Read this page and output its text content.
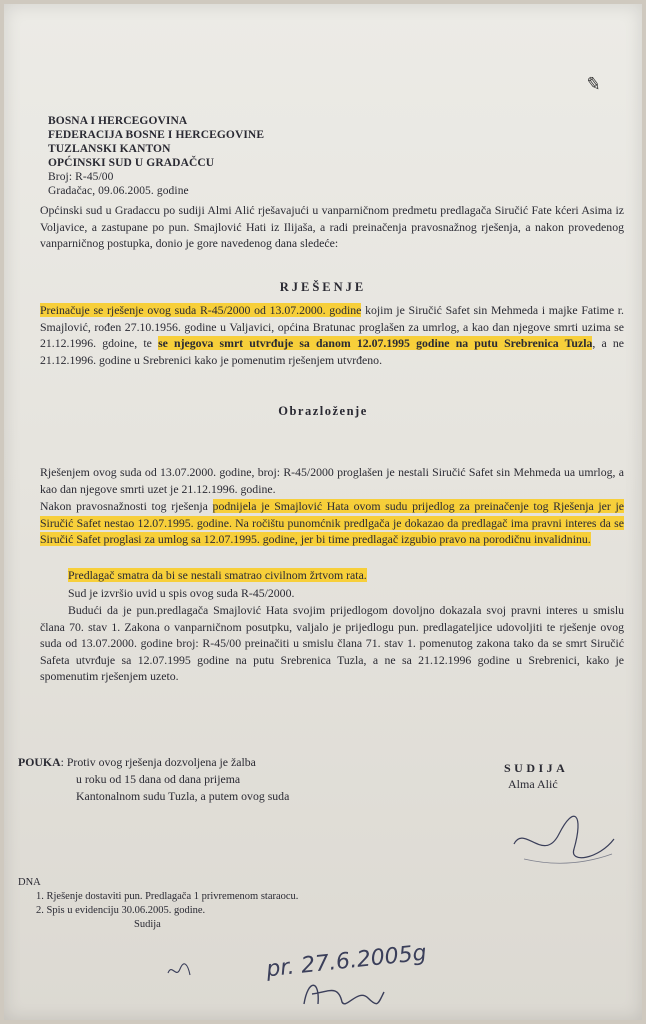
✎
BOSNA I HERCEGOVINA
FEDERACIJA BOSNE I HERCEGOVINE
TUZLANSKI KANTON
OPĆINSKI SUD U GRADAČCU
Broj: R-45/00
Gradačac, 09.06.2005. godine
Općinski sud u Gradaccu po sudiji Almi Alić rješavajući u vanparničnom predmetu predlagača Siručić Fate kćeri Asima iz Voljavice, a zastupane po pun. Smajlović Hati iz Ilijaša, a radi preinačenja pravosnažnog rješenja, a nakon provedenog vanparničnog postupka, donio je gore navedenog dana sledeće:
RJEŠENJE
Preinačuje se rješenje ovog suda R-45/2000 od 13.07.2000. godine kojim je Siručić Safet sin Mehmeda i majke Fatime r. Smajlović, rođen 27.10.1956. godine u Valjavici, općina Bratunac proglašen za umrlog, a kao dan njegove smrti uzima se 21.12.1996. gdoine, te se njegova smrt utvrđuje sa danom 12.07.1995 godine na putu Srebrenica Tuzla, a ne 21.12.1996. godine u Srebrenici kako je pomenutim rješenjem utvrđeno.
Obrazloženje
Rješenjem ovog suda od 13.07.2000. godine, broj: R-45/2000 proglašen je nestali Siručić Safet sin Mehmeda ua umrlog, a kao dan njegove smrti uzet je 21.12.1996. godine.
Nakon pravosnažnosti tog rješenja podnijela je Smajlović Hata ovom sudu prijedlog za preinačenje tog Rješenja jer je Siručić Safet nestao 12.07.1995. godine. Na ročištu punomćnik predlgača je dokazao da predlagač ima pravni interes da se Siručić Safet proglasi za umlog sa 12.07.1995. godine, jer bi time predlagač izgubio pravo na porodičnu invalidninu.
Predlagač smatra da bi se nestali smatrao civilnom žrtvom rata.
Sud je izvršio uvid u spis ovog suda R-45/2000.
Budući da je pun.predlagača Smajlović Hata svojim prijedlogom dovoljno dokazala svoj pravni interes u smislu člana 70. stav 1. Zakona o vanparničnom posutpku, valjalo je prijedlogu pun. predlagateljice udovoljiti te rješenje ovog suda od 13.07.2000. godine broj: R-45/00 preinačiti u smislu člana 71. stav 1. pomenutog zakona tako da se smrt Siručić Safeta utvrđuje sa 12.07.1995 godine na putu Srebrenica Tuzla, a ne sa 21.12.1996 godine u Srebrenici, kako je spomenutim rješenjem uzeto.
POUKA: Protiv ovog rješenja dozvoljena je žalba
u roku od 15 dana od dana prijema
Kantonalnom sudu Tuzla, a putem ovog suda
SUDIJA
Alma Alić
DNA
1. Rješenje dostaviti pun. Predlagača 1 privremenom staraocu.
2. Spis u evidenciju 30.06.2005. godine.
Sudija
pr. 27.6.2005g
